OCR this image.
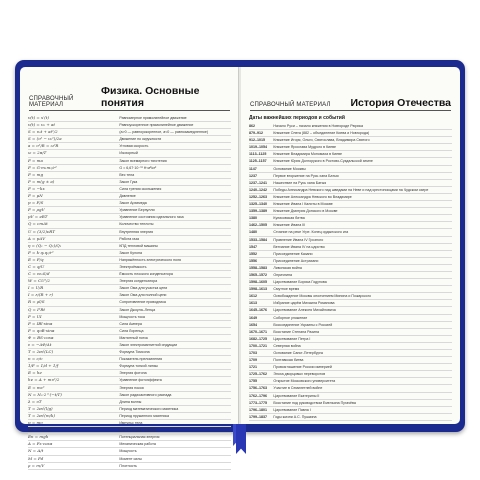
СПРАВОЧНЫЙ МАТЕРИАЛ
Физика. Основные понятия
υ(t) = x′(t)	Равномерное прямолинейное движение
υ(t) = υ₀ + at	Равноускоренное прямолинейное движение
S = υ₀t + at²/2	(a>0 — равноускоренное, a<0 — равнозамедленное)
S = (υ² − υ₀²)/2a	Движение по окружности
a = υ²/R = ω²R	Угловая скорость
ω = 2π/T	Изохорный
F = ma	Закон всемирного тяготения
F = G·m₁m₂/r²	G = 6,67·10⁻¹¹ Н·м²/кг²
F = mg	Вес тела
P = m(g ± a)	Закон Гука
F = −kx	Сила трения скольжения
F = μN	Давление
p = F/S	Закон Архимеда
F = ρgV	Уравнение Бернулли
pV = νRT	Уравнение состояния идеального газа
Q = cmΔt	Количество теплоты
U = (3/2)νRT	Внутренняя энергия
A = pΔV	Работа газа
η = (Q₁ − Q₂)/Q₁	КПД тепловой машины
F = k·q₁q₂/r²	Закон Кулона
E = F/q	Напряжённость электрического поля
C = q/U	Электроёмкость
C = εε₀S/d	Ёмкость плоского конденсатора
W = CU²/2	Энергия конденсатора
I = U/R	Закон Ома для участка цепи
I = ε/(R + r)	Закон Ома для полной цепи
R = ρl/S	Сопротивление проводника
Q = I²Rt	Закон Джоуля–Ленца
P = UI	Мощность тока
F = IBl·sinα	Сила Ампера
F = qυB·sinα	Сила Лоренца
Φ = BS·cosα	Магнитный поток
ε = −ΔΦ/Δt	Закон электромагнитной индукции
T = 2π√(LC)	Формула Томсона
n = c/υ	Показатель преломления
1/F = 1/d + 1/f	Формула тонкой линзы
E = hν	Энергия фотона
hν = A + mυ²/2	Уравнение фотоэффекта
E = mc²	Энергия покоя
N = N₀·2^(−t/T)	Закон радиоактивного распада
λ = υT	Длина волны
T = 2π√(l/g)	Период математического маятника
T = 2π√(m/k)	Период пружинного маятника
p = mυ	Импульс тела
Eк = mυ²/2	Кинетическая энергия
Eп = mgh	Потенциальная энергия
A = Fs·cosα	Механическая работа
N = A/t	Мощность
M = Fd	Момент силы
ρ = m/V	Плотность
СПРАВОЧНЫЙ МАТЕРИАЛ История Отечества
Даты важнейших периодов и событий
862	Начало Руси – начало княжения в Новгороде Рюрика
879–912	Княжение Олега (882 – объединение Киева и Новгорода)
912–1015	Княжение Игоря, Ольги, Святослава, Владимира Святого
1019–1054	Княжение Ярослава Мудрого в Киеве
1113–1125	Княжение Владимира Мономаха в Киеве
1125–1157	Княжение Юрия Долгорукого в Ростово-Суздальской земле
1147	Основание Москвы
1237	Первое вторжение на Русь хана Батыя
1237–1241	Нашествие на Русь хана Батыя
1240–1242	Победы Александра Невского над шведами на Неве и над крестоносцами на Чудском озере
1252–1263	Княжение Александра Невского во Владимире
1325–1340	Княжение Ивана I Калиты в Москве
1359–1389	Княжение Дмитрия Донского в Москве
1380	Куликовская битва
1462–1505	Княжение Ивана III
1480	Стояние на реке Угре. Конец ордынского ига
1533–1584	Правление Ивана IV Грозного
1547	Венчание Ивана IV на царство
1552	Присоединение Казани
1556	Присоединение Астрахани
1558–1583	Ливонская война
1565–1572	Опричнина
1598–1605	Царствование Бориса Годунова
1598–1613	Смутное время
1612	Освобождение Москвы ополчением Минина и Пожарского
1613	Избрание царём Михаила Романова
1645–1676	Царствование Алексея Михайловича
1649	Соборное уложение
1654	Воссоединение Украины с Россией
1670–1671	Восстание Степана Разина
1682–1725	Царствование Петра I
1700–1721	Северная война
1703	Основание Санкт-Петербурга
1709	Полтавская битва
1721	Провозглашение России империей
1725–1762	Эпоха дворцовых переворотов
1755	Открытие Московского университета
1756–1763	Участие в Семилетней войне
1762–1796	Царствование Екатерины II
1773–1775	Восстание под руководством Емельяна Пугачёва
1796–1801	Царствование Павла I
1799–1837	Годы жизни А.С. Пушкина
